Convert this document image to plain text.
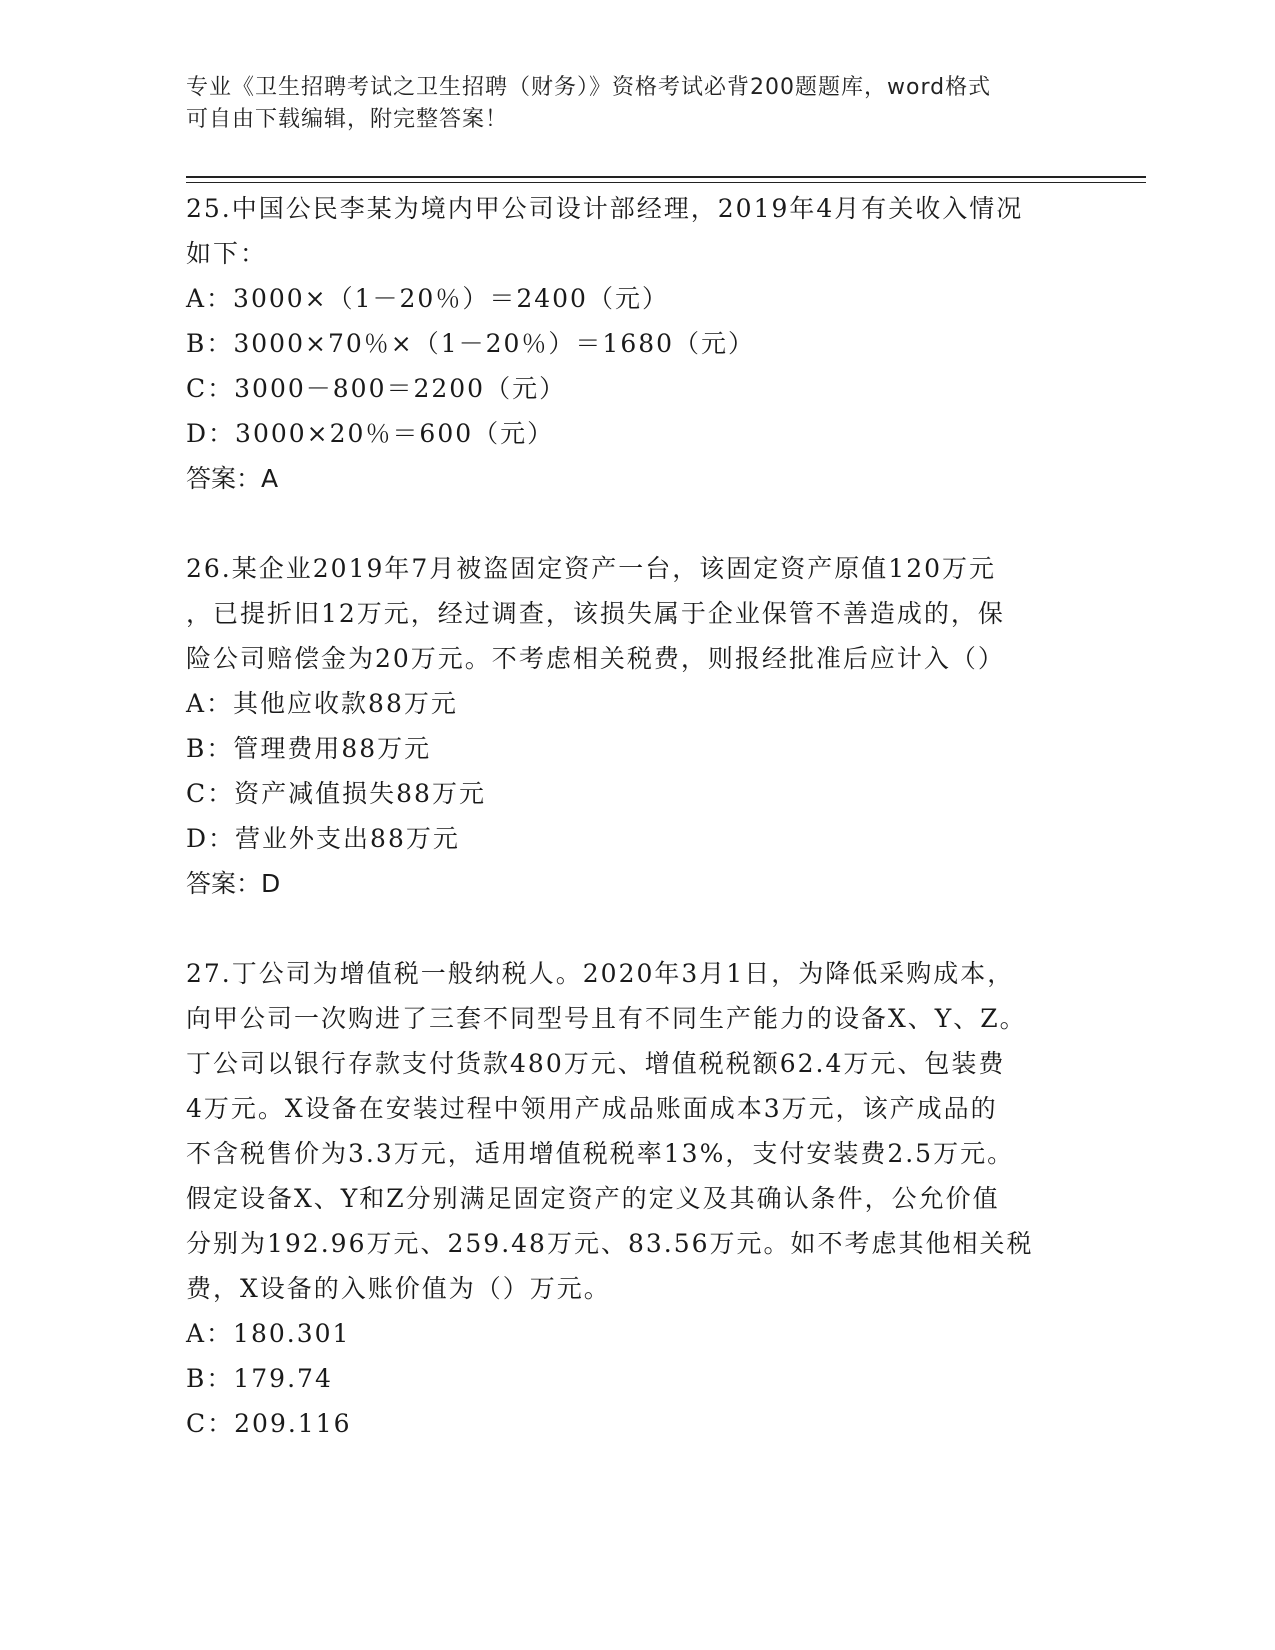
专业《卫生招聘考试之卫生招聘（财务）》资格考试必背200题题库，word格式
可自由下载编辑，附完整答案！
25.中国公民李某为境内甲公司设计部经理，2019年4月有关收入情况
如下：
A：3000×（1－20％）＝2400（元）
B：3000×70％×（1－20％）＝1680（元）
C：3000－800＝2200（元）
D：3000×20％＝600（元）
答案：A
26.某企业2019年7月被盗固定资产一台，该固定资产原值120万元
，已提折旧12万元，经过调查，该损失属于企业保管不善造成的，保
险公司赔偿金为20万元。不考虑相关税费，则报经批准后应计入（）
A：其他应收款88万元
B：管理费用88万元
C：资产减值损失88万元
D：营业外支出88万元
答案：D
27.丁公司为增值税一般纳税人。2020年3月1日，为降低采购成本，
向甲公司一次购进了三套不同型号且有不同生产能力的设备X、Y、Z。
丁公司以银行存款支付货款480万元、增值税税额62.4万元、包装费
4万元。X设备在安装过程中领用产成品账面成本3万元，该产成品的
不含税售价为3.3万元，适用增值税税率13%，支付安装费2.5万元。
假定设备X、Y和Z分别满足固定资产的定义及其确认条件，公允价值
分别为192.96万元、259.48万元、83.56万元。如不考虑其他相关税
费，X设备的入账价值为（）万元。
A：180.301
B：179.74
C：209.116
